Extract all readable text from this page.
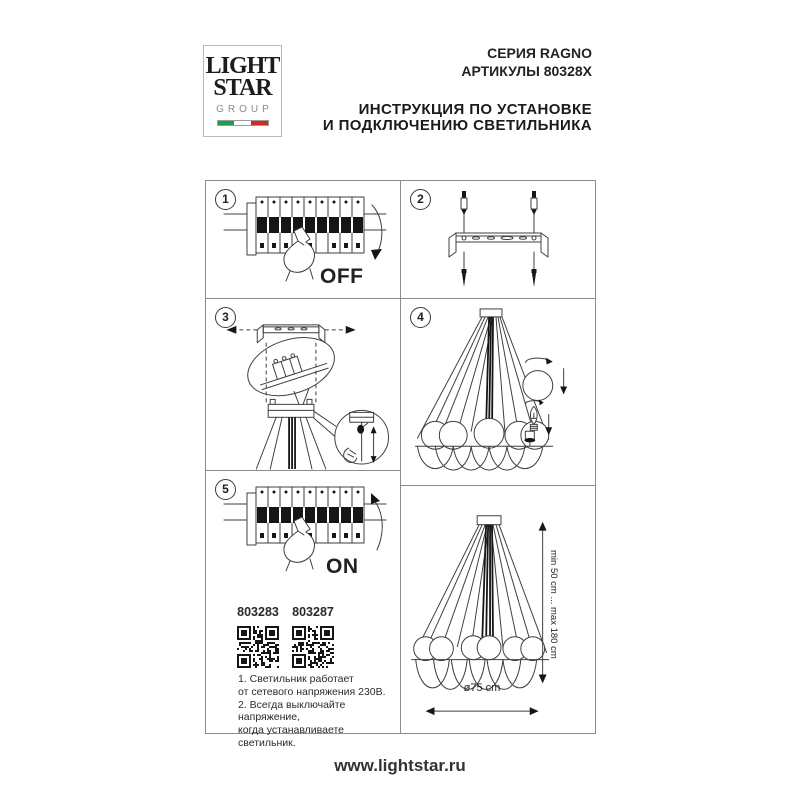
LIGHT
STAR
GROUP
СЕРИЯ RAGNO
АРТИКУЛЫ 80328X
ИНСТРУКЦИЯ ПО УСТАНОВКЕ
И ПОДКЛЮЧЕНИЮ СВЕТИЛЬНИКА
1
OFF
2
3	4
5
ON
803283	803287
1. Светильник работает
от сетевого напряжения 230В.
2. Всегда выключайте напряжение,
когда устанавливаете светильник.
min 50 cm ... max 180 cm
ø75 cm
www.lightstar.ru
